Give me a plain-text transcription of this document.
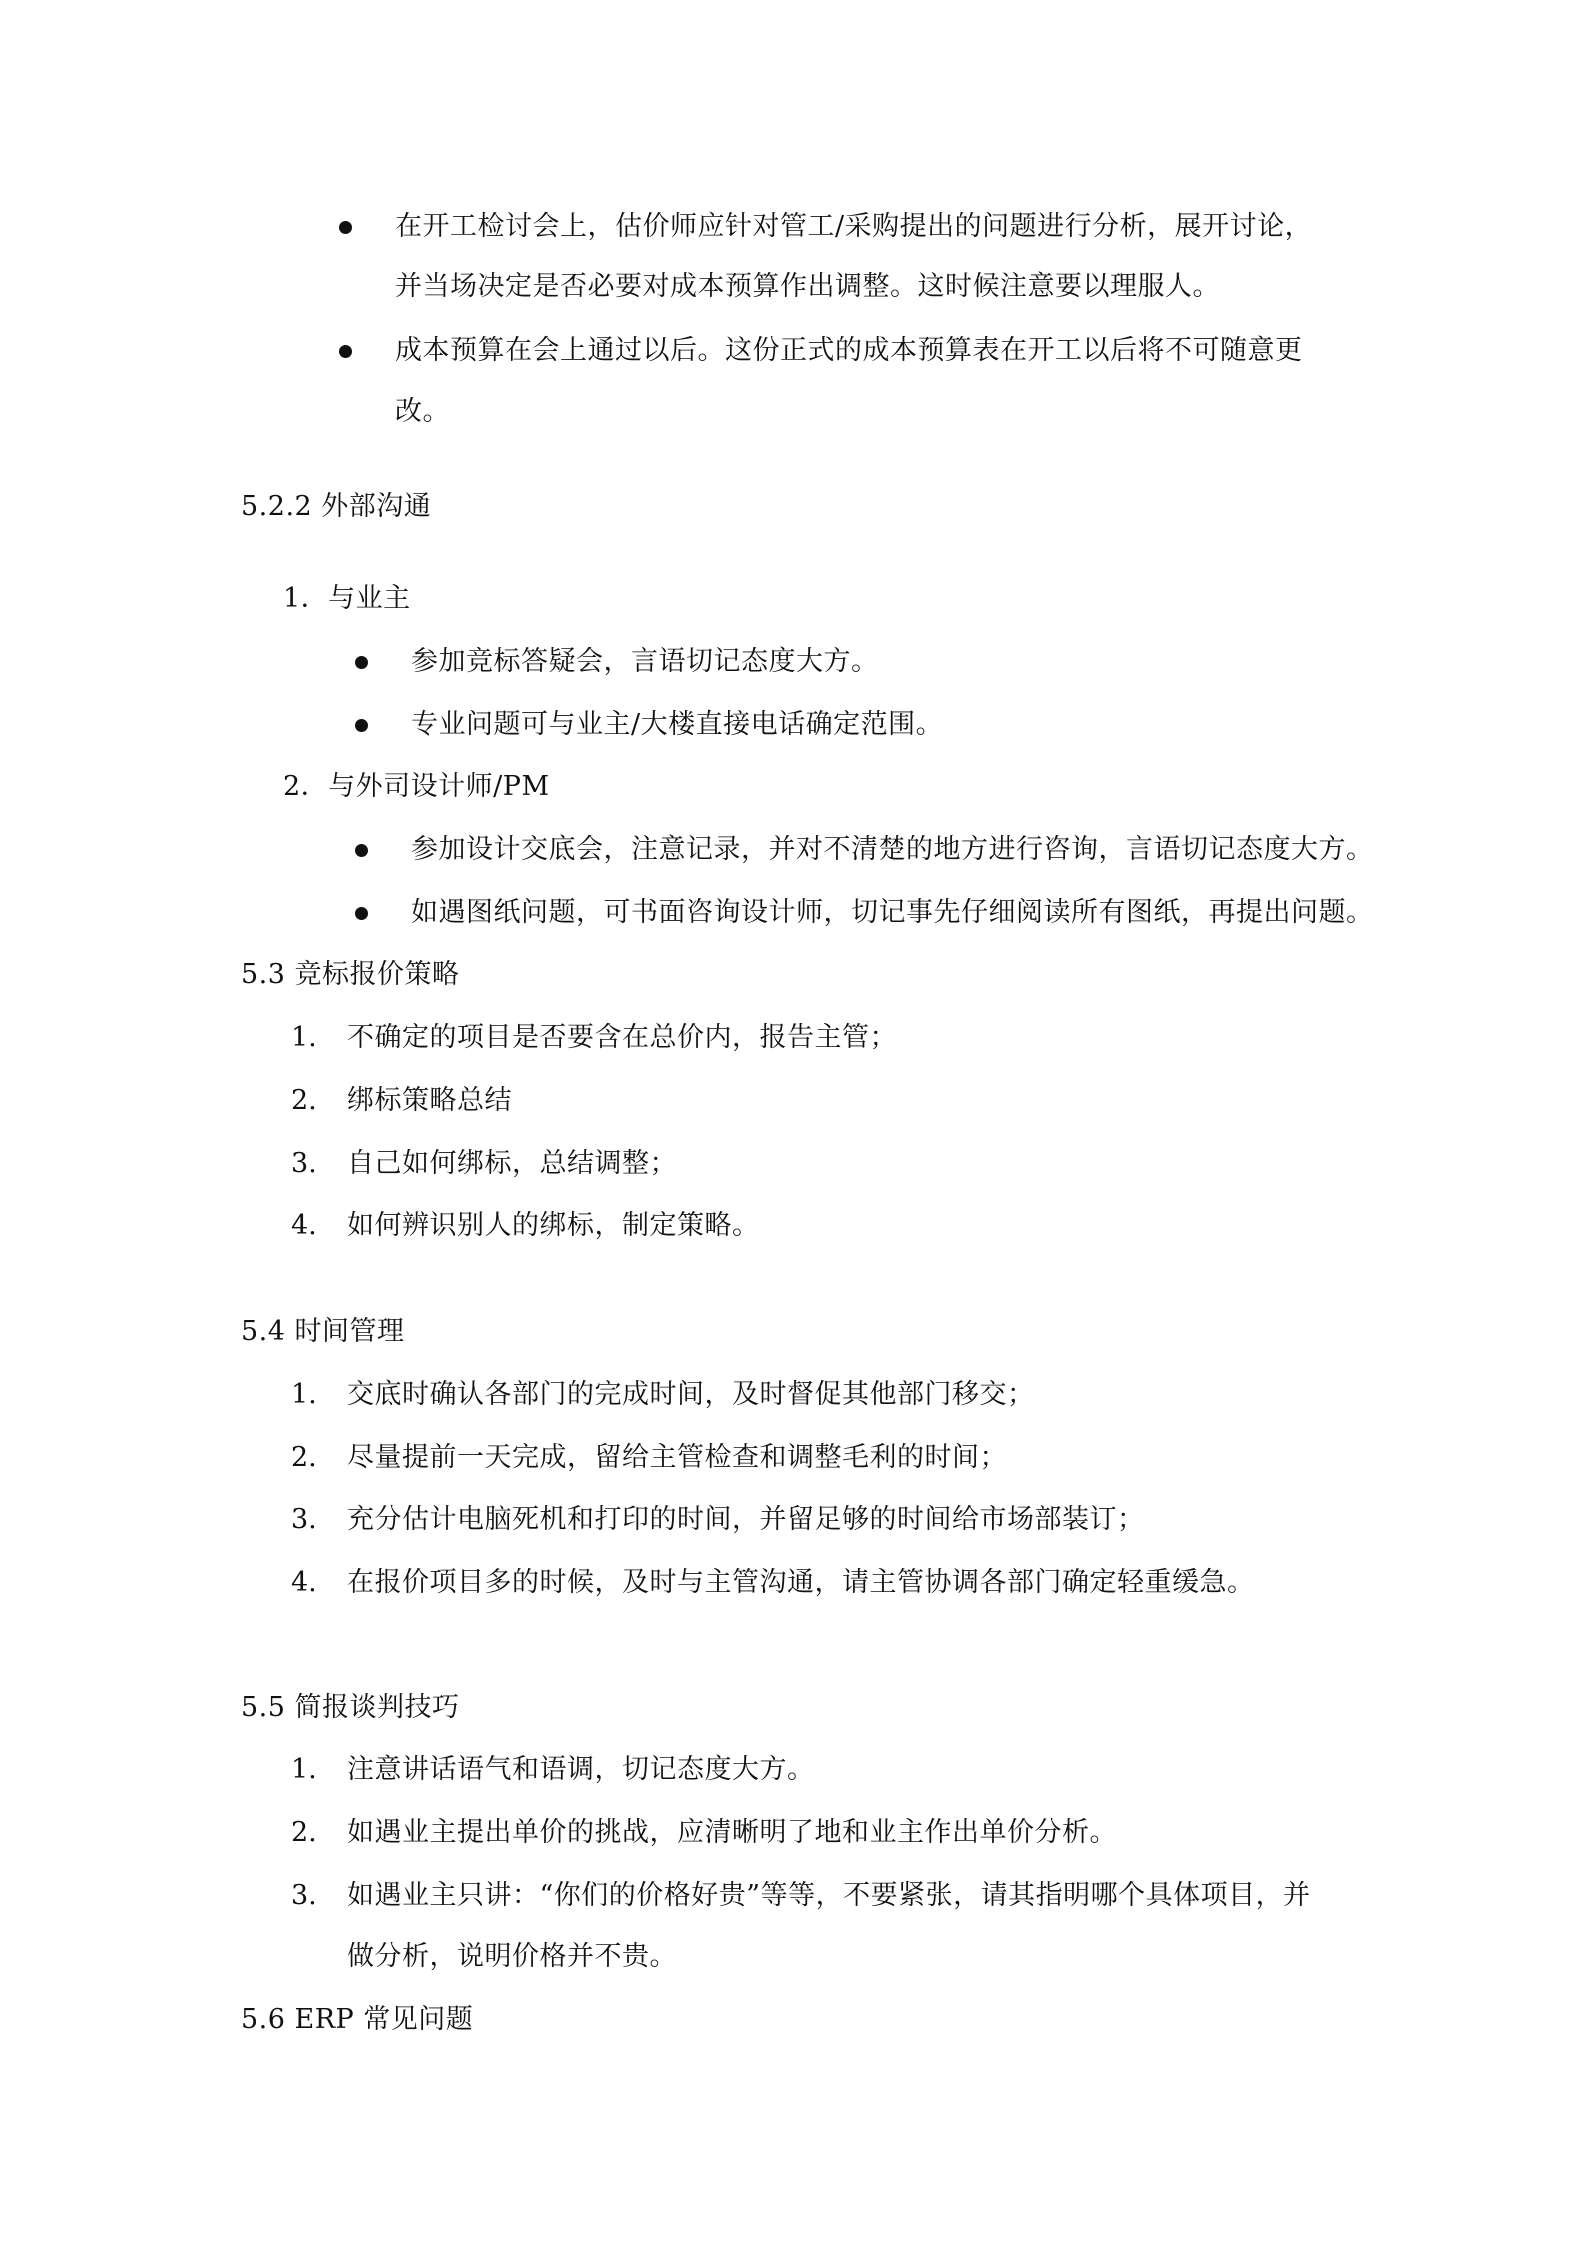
在开工检讨会上，估价师应针对管工/采购提出的问题进行分析，展开讨论，
并当场决定是否必要对成本预算作出调整。这时候注意要以理服人。
成本预算在会上通过以后。这份正式的成本预算表在开工以后将不可随意更
改。
5.2.2 外部沟通
1．与业主
参加竞标答疑会，言语切记态度大方。
专业问题可与业主/大楼直接电话确定范围。
2．与外司设计师/PM
参加设计交底会，注意记录，并对不清楚的地方进行咨询，言语切记态度大方。
如遇图纸问题，可书面咨询设计师，切记事先仔细阅读所有图纸，再提出问题。
5.3 竞标报价策略
1. 不确定的项目是否要含在总价内，报告主管；
2. 绑标策略总结
3. 自己如何绑标，总结调整；
4. 如何辨识别人的绑标，制定策略。
5.4 时间管理
1. 交底时确认各部门的完成时间，及时督促其他部门移交；
2. 尽量提前一天完成，留给主管检查和调整毛利的时间；
3. 充分估计电脑死机和打印的时间，并留足够的时间给市场部装订；
4. 在报价项目多的时候，及时与主管沟通，请主管协调各部门确定轻重缓急。
5.5 简报谈判技巧
1. 注意讲话语气和语调，切记态度大方。
2. 如遇业主提出单价的挑战，应清晰明了地和业主作出单价分析。
3. 如遇业主只讲：“你们的价格好贵”等等，不要紧张，请其指明哪个具体项目，并
做分析，说明价格并不贵。
5.6 ERP 常见问题
